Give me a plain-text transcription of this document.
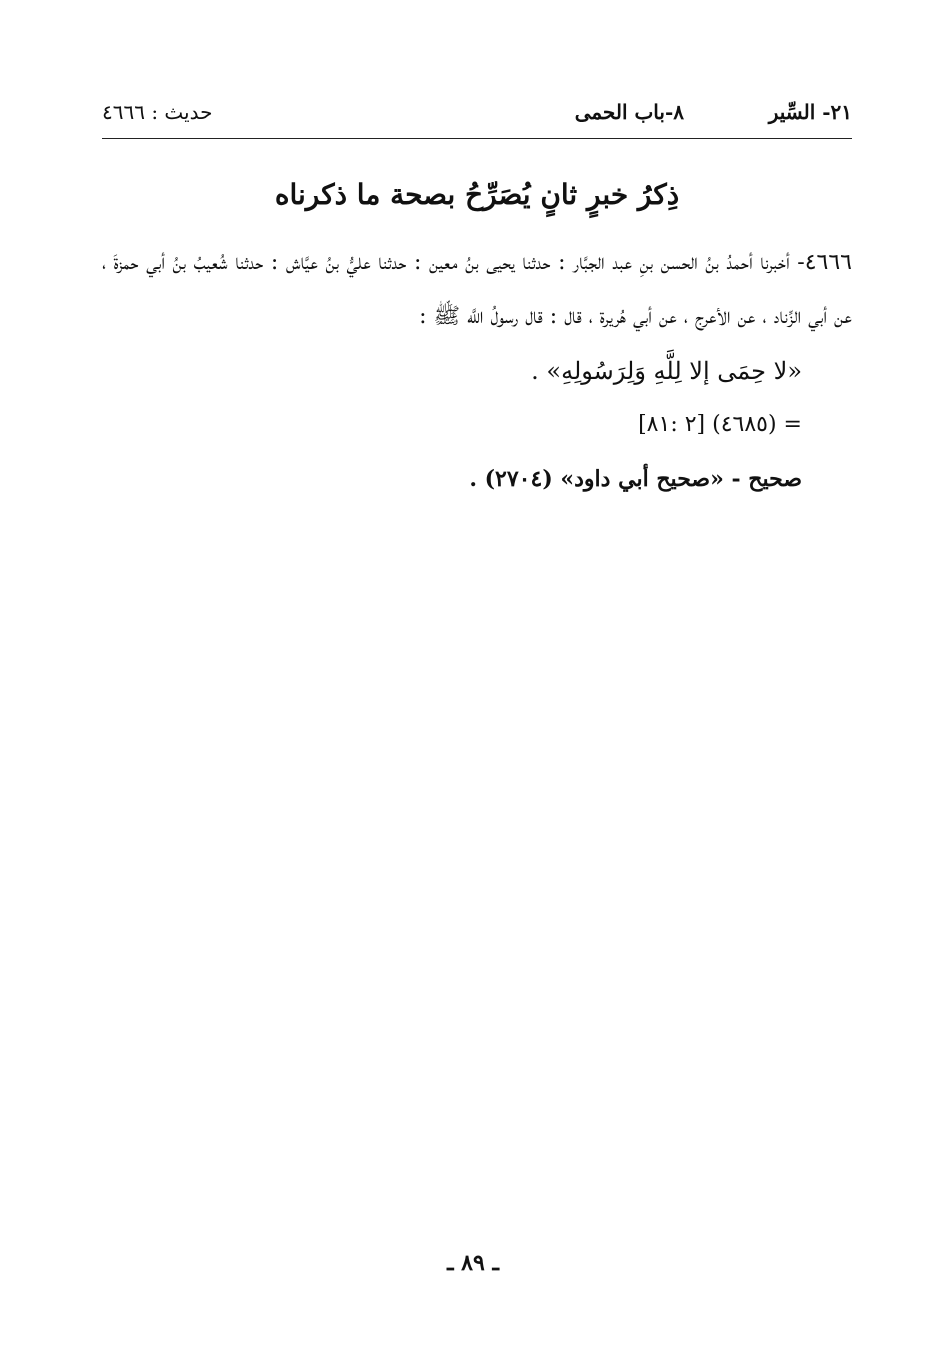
٢١- السِّير
٨-باب الحمى
حديث : ٤٦٦٦
ذِكرُ خبرٍ ثانٍ يُصَرِّحُ بصحة ما ذكرناه

٤٦٦٦- أخبرنا أحمدُ بنُ الحسن بنِ عبد الجبَّار : حدثنا يحيى بنُ معين : حدثنا عليُّ بنُ عيَّاش : حدثنا شُعيبُ بنُ أبي حمزةَ ، عن أبي الزِّناد ، عن الأعرج ، عن أبي هُريرة ، قال : قال رسولُ اللَّه ﷺ :

«لا حِمَى إلا لِلَّهِ وَلِرَسُولِهِ» .
= (٤٦٨٥) [٢ :٨١]
صحيح - «صحيح أبي داود» (٢٧٠٤) .
ـ ٨٩ ـ
